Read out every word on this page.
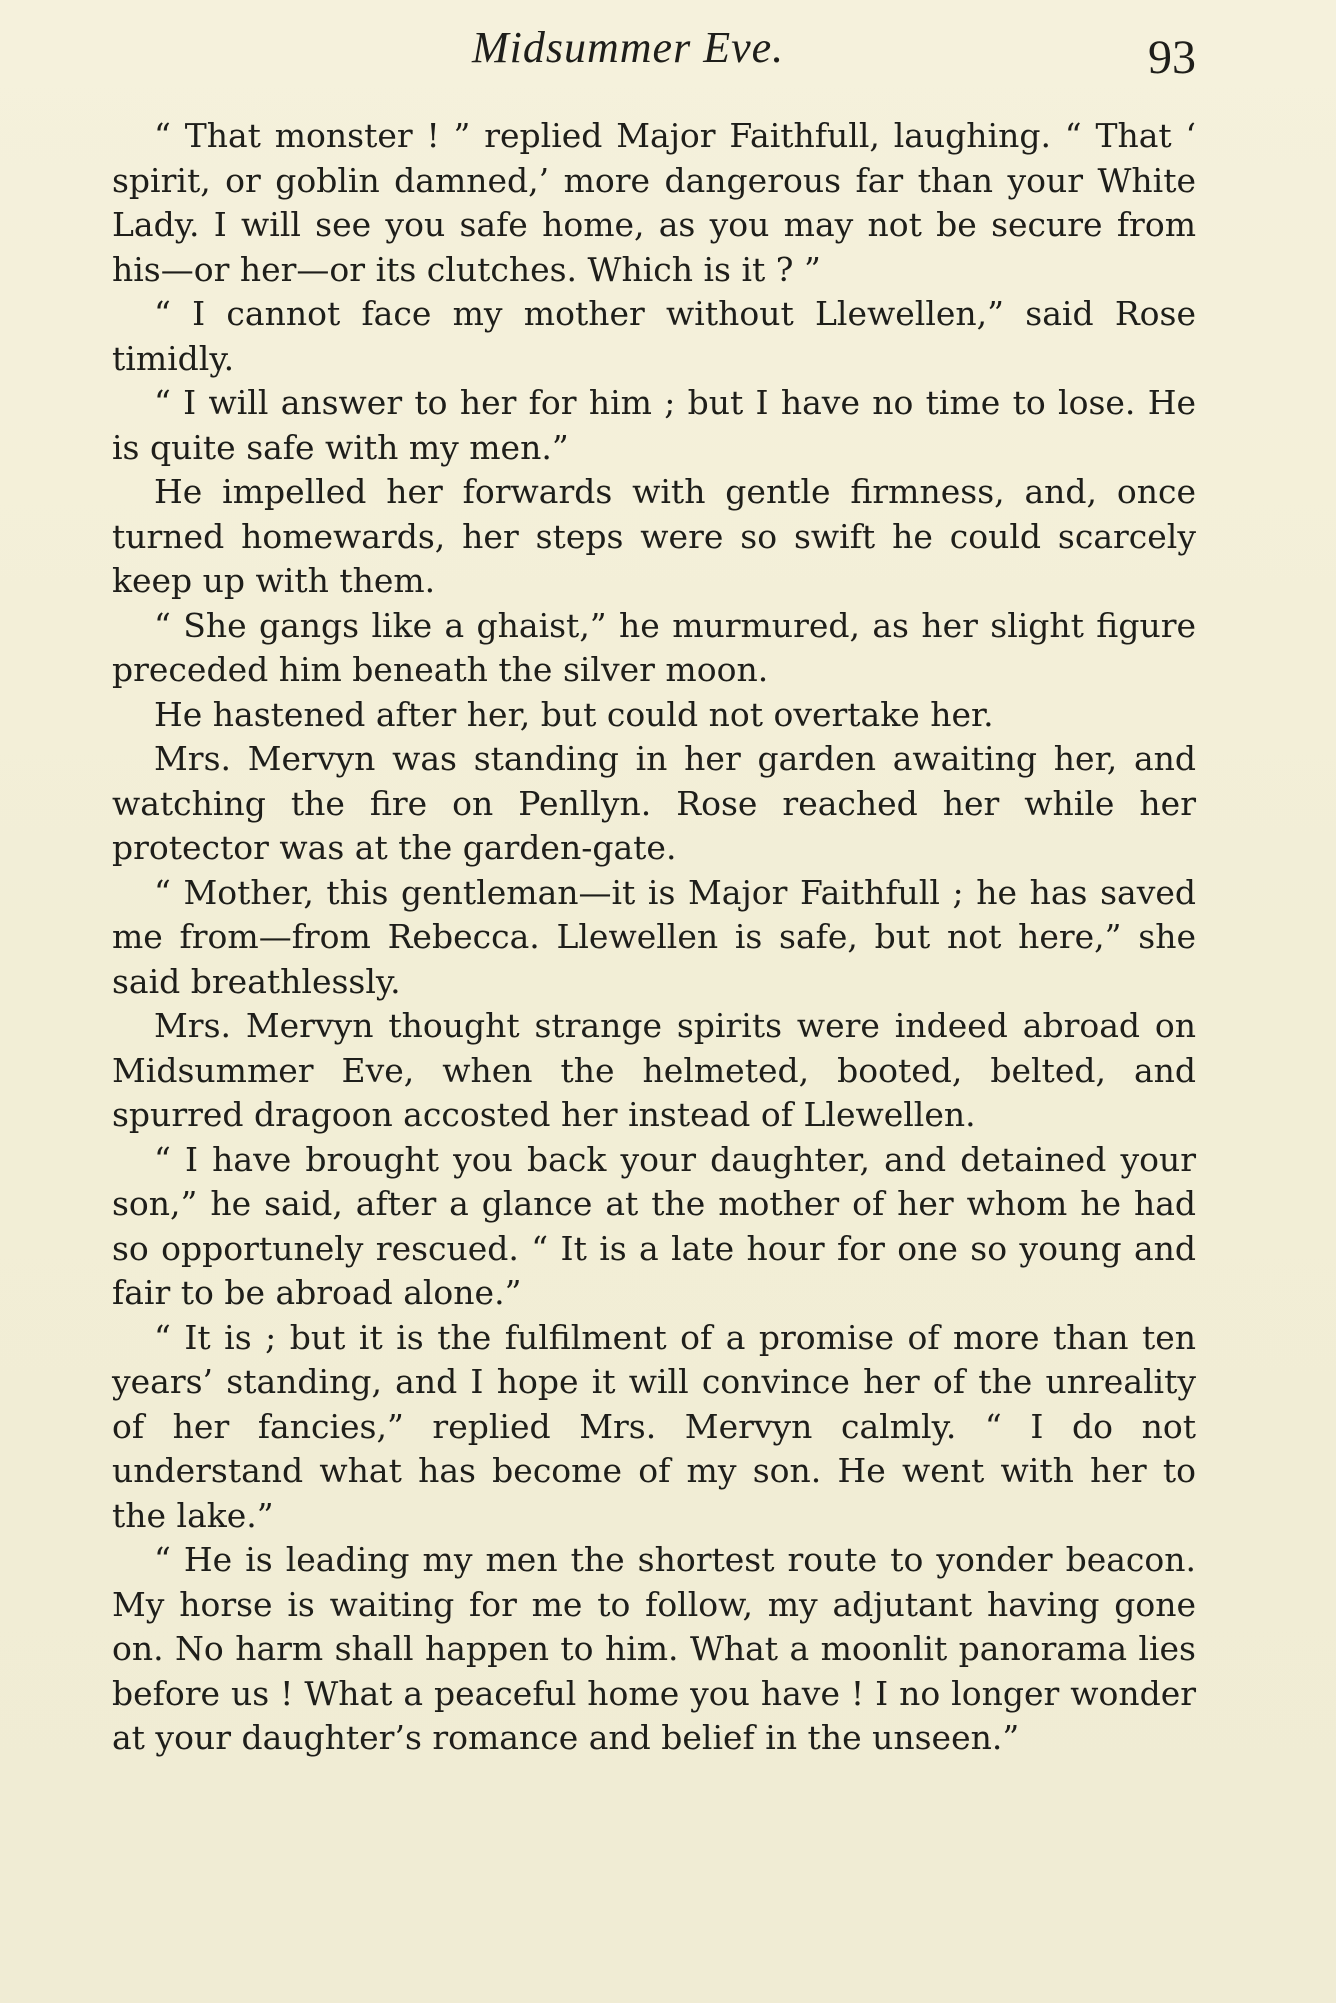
Midsummer Eve.	93

“ That monster ! ” replied Major Faithfull, laughing. “ That ‘ spirit, or goblin damned,’ more dangerous far than your White Lady. I will see you safe home, as you may not be secure from his—or her—or its clutches. Which is it ? ”

“ I cannot face my mother without Llewellen,” said Rose timidly.

“ I will answer to her for him ; but I have no time to lose. He is quite safe with my men.”

He impelled her forwards with gentle firmness, and, once turned homewards, her steps were so swift he could scarcely keep up with them.

“ She gangs like a ghaist,” he murmured, as her slight figure preceded him beneath the silver moon.

He hastened after her, but could not overtake her.

Mrs. Mervyn was standing in her garden awaiting her, and watching the fire on Penllyn. Rose reached her while her protector was at the garden-gate.

“ Mother, this gentleman—it is Major Faithfull ; he has saved me from—from Rebecca. Llewellen is safe, but not here,” she said breathlessly.

Mrs. Mervyn thought strange spirits were indeed abroad on Midsummer Eve, when the helmeted, booted, belted, and spurred dragoon accosted her instead of Llewellen.

“ I have brought you back your daughter, and detained your son,” he said, after a glance at the mother of her whom he had so opportunely rescued. “ It is a late hour for one so young and fair to be abroad alone.”

“ It is ; but it is the fulfilment of a promise of more than ten years’ standing, and I hope it will convince her of the unreality of her fancies,” replied Mrs. Mervyn calmly. “ I do not understand what has become of my son. He went with her to the lake.”

“ He is leading my men the shortest route to yonder beacon. My horse is waiting for me to follow, my adjutant having gone on. No harm shall happen to him. What a moonlit panorama lies before us ! What a peaceful home you have ! I no longer wonder at your daughter’s romance and belief in the unseen.”
